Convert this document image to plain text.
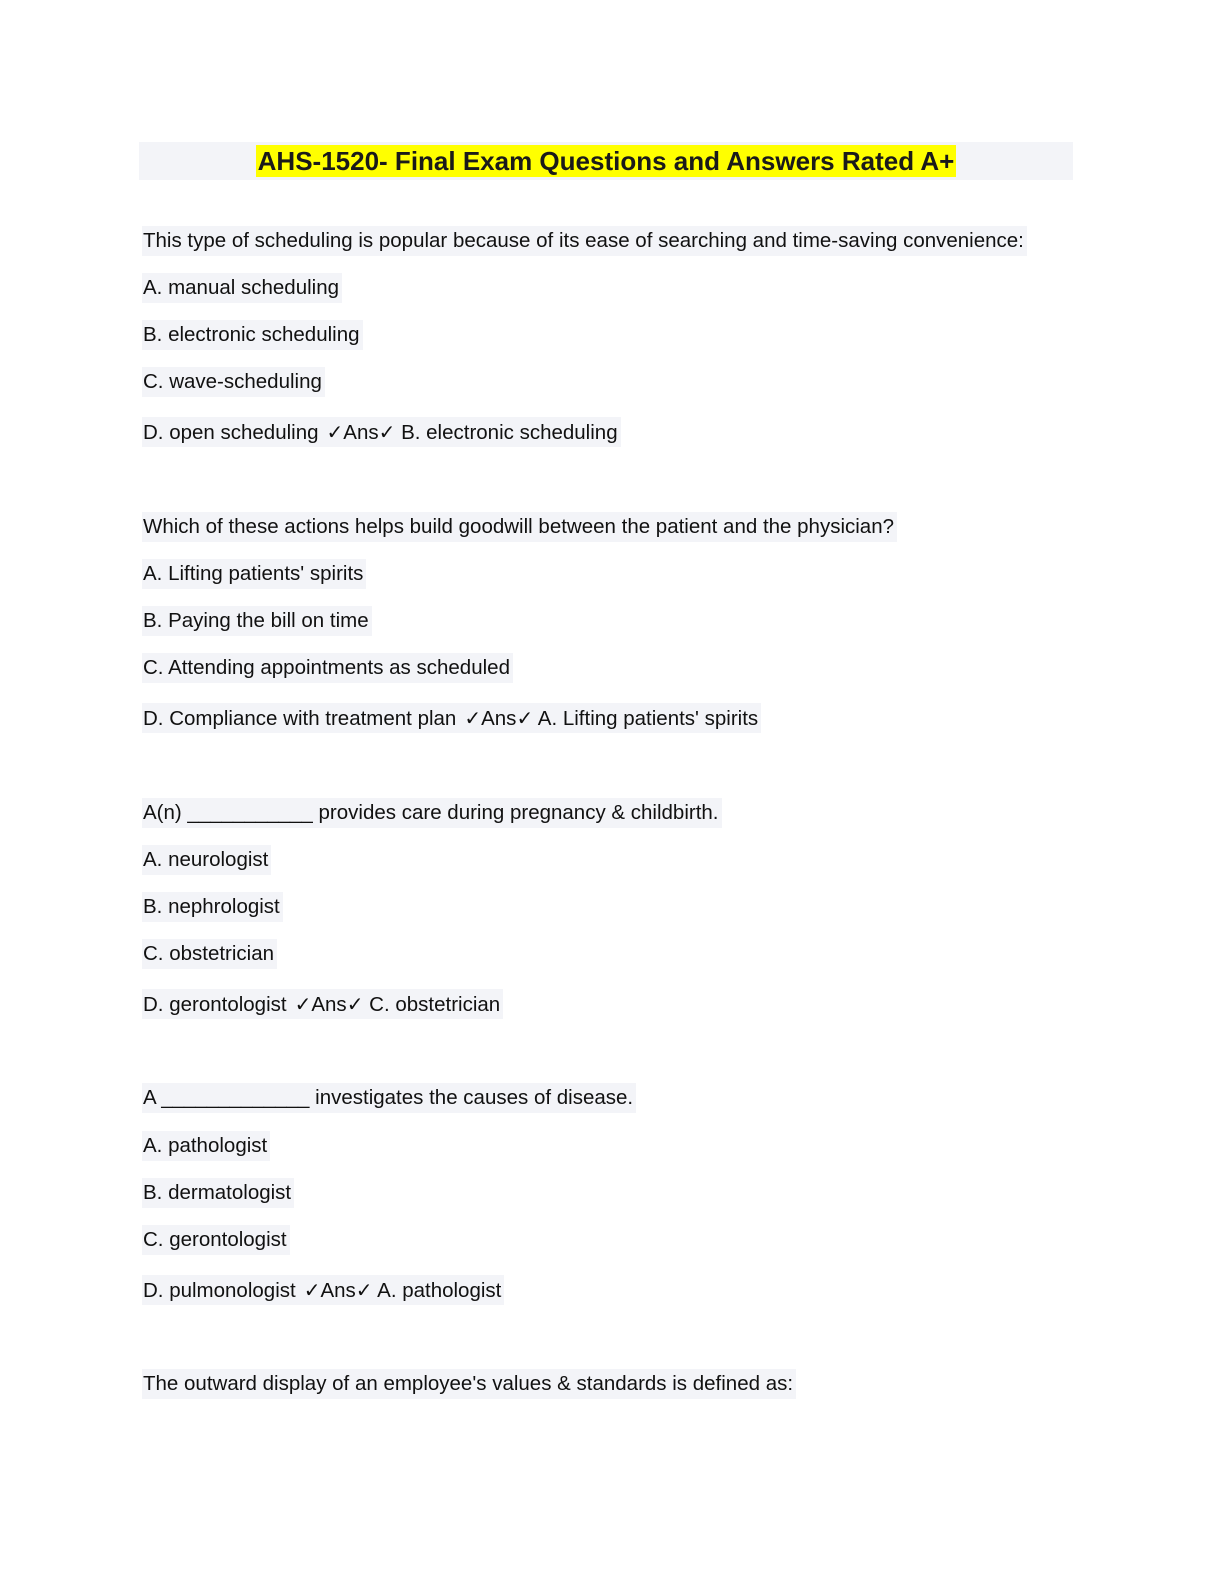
AHS-1520- Final Exam Questions and Answers Rated A+
This type of scheduling is popular because of its ease of searching and time-saving convenience:
A. manual scheduling
B. electronic scheduling
C. wave-scheduling
D. open scheduling ✓Ans✓ B. electronic scheduling
Which of these actions helps build goodwill between the patient and the physician?
A. Lifting patients' spirits
B. Paying the bill on time
C. Attending appointments as scheduled
D. Compliance with treatment plan ✓Ans✓ A. Lifting patients' spirits
A(n) ___________ provides care during pregnancy & childbirth.
A. neurologist
B. nephrologist
C. obstetrician
D. gerontologist ✓Ans✓ C. obstetrician
A _____________ investigates the causes of disease.
A. pathologist
B. dermatologist
C. gerontologist
D. pulmonologist ✓Ans✓ A. pathologist
The outward display of an employee's values & standards is defined as:
